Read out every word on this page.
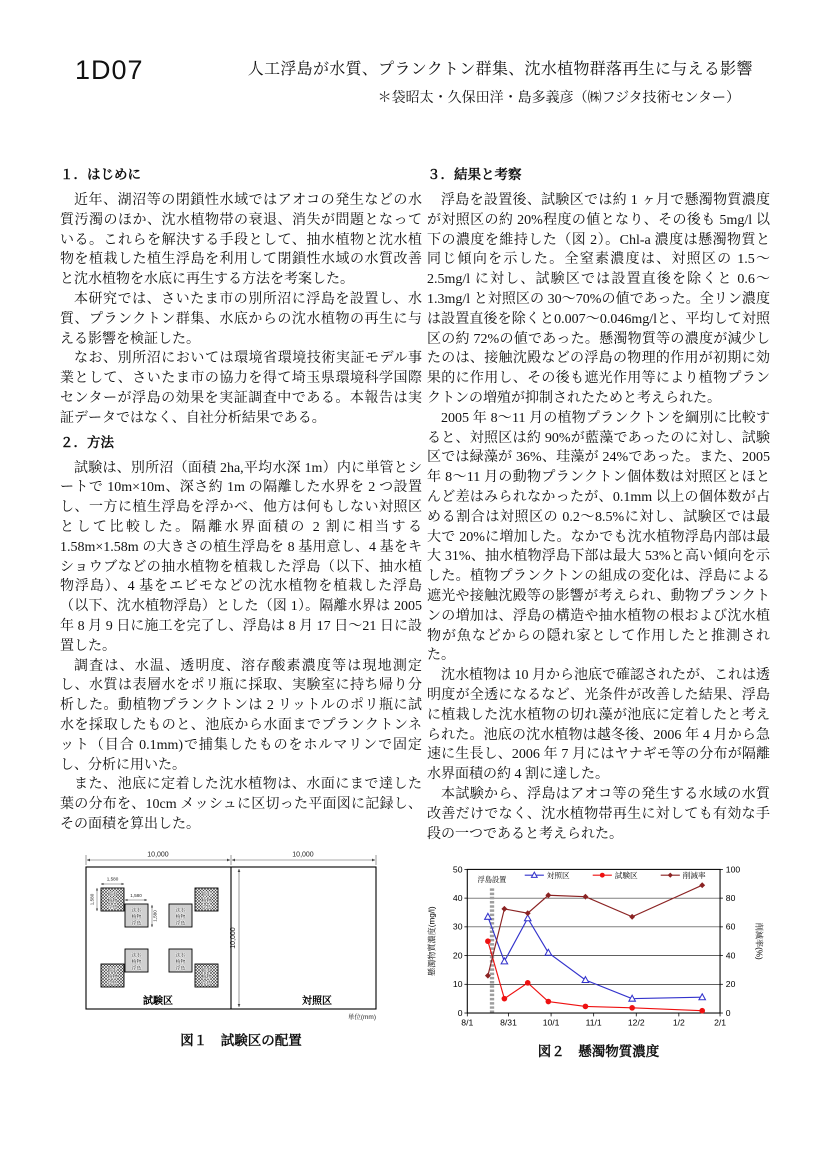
1D07	人工浮島が水質、プランクトン群集、沈水植物群落再生に与える影響
＊袋昭太・久保田洋・島多義彦（㈱フジタ技術センター）
１．はじめに

近年、湖沼等の閉鎖性水域ではアオコの発生などの水質汚濁のほか、沈水植物帯の衰退、消失が問題となっている。これらを解決する手段として、抽水植物と沈水植物を植栽した植生浮島を利用して閉鎖性水域の水質改善と沈水植物を水底に再生する方法を考案した。

本研究では、さいたま市の別所沼に浮島を設置し、水質、プランクトン群集、水底からの沈水植物の再生に与える影響を検証した。

なお、別所沼においては環境省環境技術実証モデル事業として、さいたま市の協力を得て埼玉県環境科学国際センターが浮島の効果を実証調査中である。本報告は実証データではなく、自社分析結果である。

２．方法

試験は、別所沼（面積 2ha,平均水深 1m）内に単管とシートで 10m×10m、深さ約 1m の隔離した水界を 2 つ設置し、一方に植生浮島を浮かべ、他方は何もしない対照区として比較した。隔離水界面積の 2 割に相当する 1.58m×1.58m の大きさの植生浮島を 8 基用意し、4 基をキショウブなどの抽水植物を植栽した浮島（以下、抽水植物浮島）、4 基をエビモなどの沈水植物を植栽した浮島（以下、沈水植物浮島）とした（図 1）。隔離水界は 2005 年 8 月 9 日に施工を完了し、浮島は 8 月 17 日～21 日に設置した。

調査は、水温、透明度、溶存酸素濃度等は現地測定し、水質は表層水をポリ瓶に採取、実験室に持ち帰り分析した。動植物プランクトンは 2 リットルのポリ瓶に試水を採取したものと、池底から水面までプランクトンネット（目合 0.1mm)で捕集したものをホルマリンで固定し、分析に用いた。

また、池底に定着した沈水植物は、水面にまで達した葉の分布を、10cm メッシュに区切った平面図に記録し、その面積を算出した。

10,000	10,000
10,000
1,580
1,580	1,580
1,580
抽水
植物
浮島
沈水
植物
浮島
沈水
植物
浮島
抽水
植物
浮島
沈水
植物
浮島
沈水
植物
浮島
抽水
植物
浮島
抽水
植物
浮島
試験区	対照区
単位(mm)
図１　試験区の配置
３．結果と考察

浮島を設置後、試験区では約 1 ヶ月で懸濁物質濃度が対照区の約 20%程度の値となり、その後も 5mg/l 以下の濃度を維持した（図 2）。Chl-a 濃度は懸濁物質と同じ傾向を示した。全窒素濃度は、対照区の 1.5～2.5mg/l に対し、試験区では設置直後を除くと 0.6～1.3mg/l と対照区の 30～70%の値であった。全リン濃度は設置直後を除くと0.007～0.046mg/lと、平均して対照区の約 72%の値であった。懸濁物質等の濃度が減少したのは、接触沈殿などの浮島の物理的作用が初期に効果的に作用し、その後も遮光作用等により植物プランクトンの増殖が抑制されたためと考えられた。

2005 年 8～11 月の植物プランクトンを綱別に比較すると、対照区は約 90%が藍藻であったのに対し、試験区では緑藻が 36%、珪藻が 24%であった。また、2005 年 8～11 月の動物プランクトン個体数は対照区とほとんど差はみられなかったが、0.1mm 以上の個体数が占める割合は対照区の 0.2～8.5%に対し、試験区では最大で 20%に増加した。なかでも沈水植物浮島内部は最大 31%、抽水植物浮島下部は最大 53%と高い傾向を示した。植物プランクトンの組成の変化は、浮島による遮光や接触沈殿等の影響が考えられ、動物プランクトンの増加は、浮島の構造や抽水植物の根および沈水植物が魚などからの隠れ家として作用したと推測された。

沈水植物は 10 月から池底で確認されたが、これは透明度が全透になるなど、光条件が改善した結果、浮島に植栽した沈水植物の切れ藻が池底に定着したと考えられた。池底の沈水植物は越冬後、2006 年 4 月から急速に生長し、2006 年 7 月にはヤナギモ等の分布が隔離水界面積の約 4 割に達した。

本試験から、浮島はアオコ等の発生する水域の水質改善だけでなく、沈水植物帯再生に対しても有効な手段の一つであると考えられた。

浮島設置
0
10
20
30
40
50
0
20
40
60
80
100
8/1	8/31	10/1	11/1	12/2	1/2	2/1
懸濁物質濃度(mg/l)	削減率(%)
対照区	試験区	削減率
図２　懸濁物質濃度
